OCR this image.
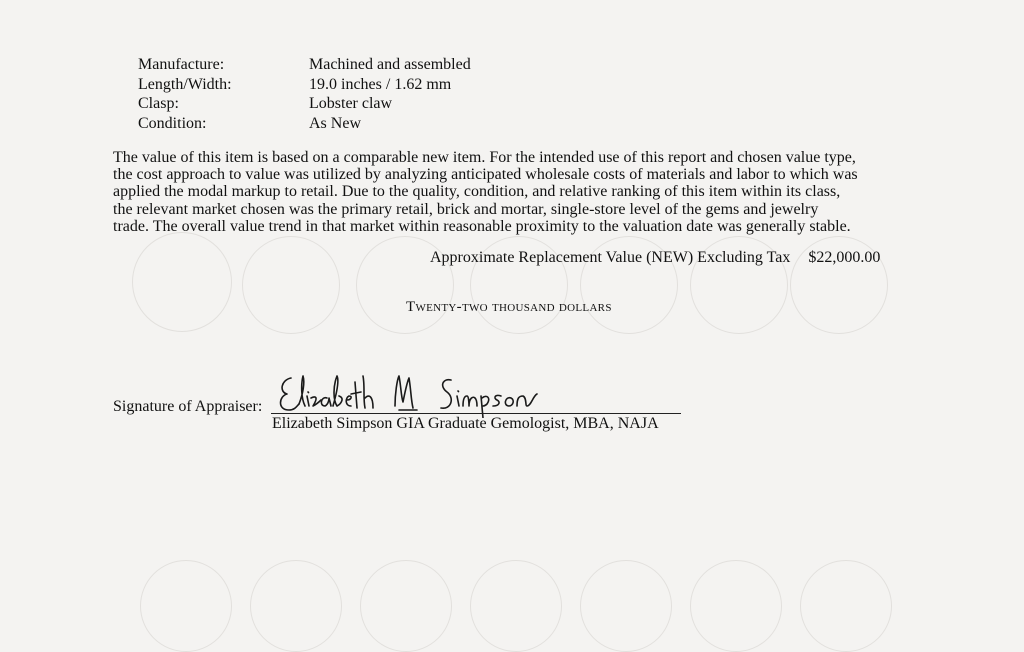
Manufacture:	Machined and assembled
Length/Width:	19.0 inches / 1.62 mm
Clasp:	Lobster claw
Condition:	As New

The value of this item is based on a comparable new item. For the intended use of this report and chosen value type,
the cost approach to value was utilized by analyzing anticipated wholesale costs of materials and labor to which was
applied the modal markup to retail. Due to the quality, condition, and relative ranking of this item within its class,
the relevant market chosen was the primary retail, brick and mortar, single-store level of the gems and jewelry
trade. The overall value trend in that market within reasonable proximity to the valuation date was generally stable.

Approximate Replacement Value (NEW) Excluding Tax $22,000.00
Twenty-two thousand dollars
Signature of Appraiser:
Elizabeth Simpson GIA Graduate Gemologist, MBA, NAJA
